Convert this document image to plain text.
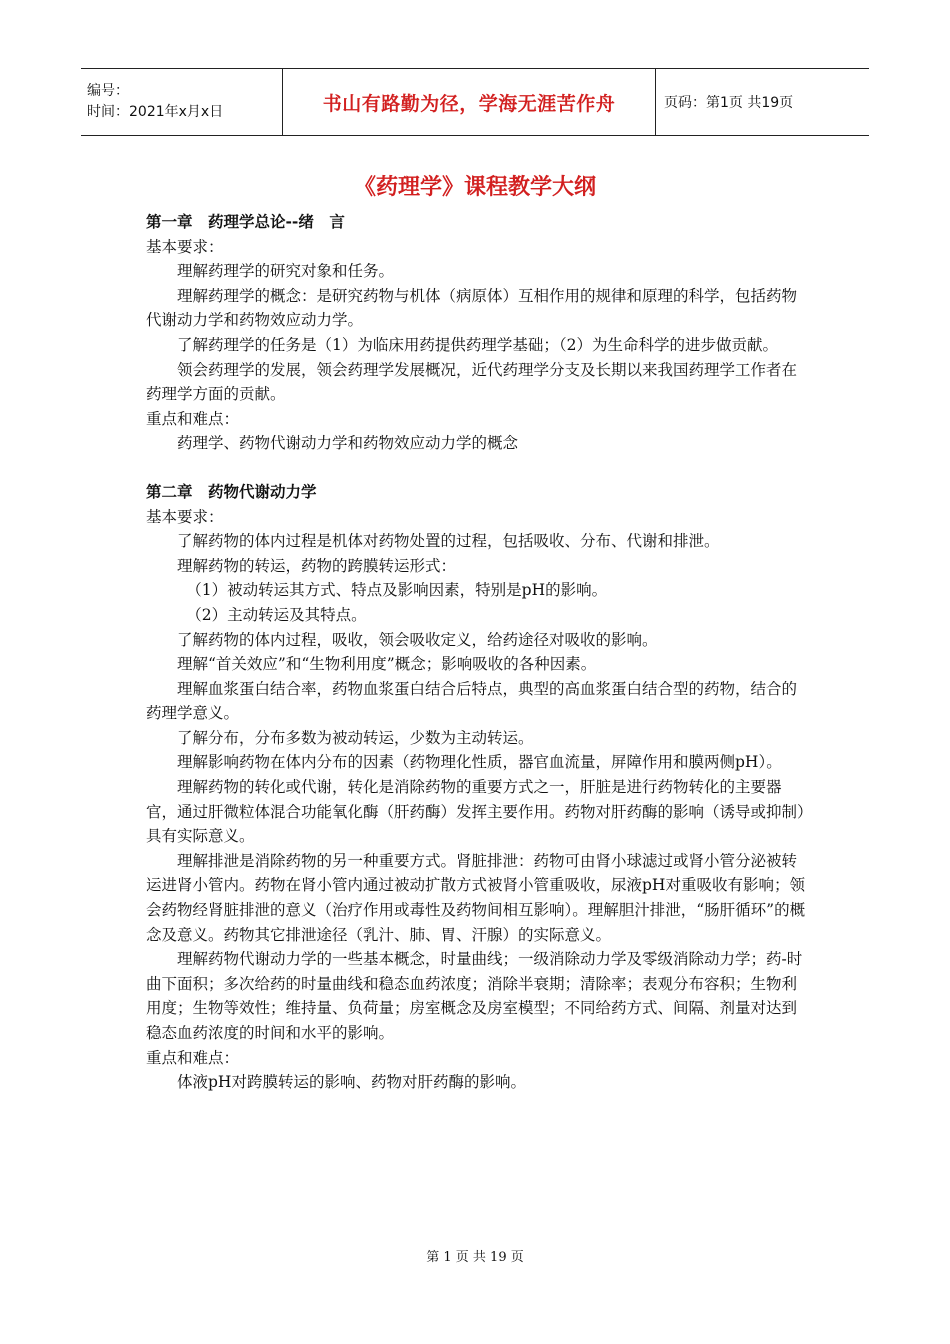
编号：
时间：2021年x月x日	书山有路勤为径，学海无涯苦作舟	页码：第1页 共19页
《药理学》课程教学大纲
第一章　药理学总论--绪　言
基本要求：
理解药理学的研究对象和任务。
理解药理学的概念：是研究药物与机体（病原体）互相作用的规律和原理的科学，包括药物代谢动力学和药物效应动力学。
了解药理学的任务是（1）为临床用药提供药理学基础；（2）为生命科学的进步做贡献。
领会药理学的发展，领会药理学发展概况，近代药理学分支及长期以来我国药理学工作者在药理学方面的贡献。
重点和难点：
药理学、药物代谢动力学和药物效应动力学的概念
第二章　药物代谢动力学
基本要求：
了解药物的体内过程是机体对药物处置的过程，包括吸收、分布、代谢和排泄。
理解药物的转运，药物的跨膜转运形式：
（1）被动转运其方式、特点及影响因素，特别是pH的影响。
（2）主动转运及其特点。
了解药物的体内过程，吸收，领会吸收定义，给药途径对吸收的影响。
理解“首关效应”和“生物利用度”概念；影响吸收的各种因素。
理解血浆蛋白结合率，药物血浆蛋白结合后特点，典型的高血浆蛋白结合型的药物，结合的药理学意义。
了解分布，分布多数为被动转运，少数为主动转运。
理解影响药物在体内分布的因素（药物理化性质，器官血流量，屏障作用和膜两侧pH）。
理解药物的转化或代谢，转化是消除药物的重要方式之一，肝脏是进行药物转化的主要器官，通过肝微粒体混合功能氧化酶（肝药酶）发挥主要作用。药物对肝药酶的影响（诱导或抑制）具有实际意义。
理解排泄是消除药物的另一种重要方式。肾脏排泄：药物可由肾小球滤过或肾小管分泌被转运进肾小管内。药物在肾小管内通过被动扩散方式被肾小管重吸收，尿液pH对重吸收有影响；领会药物经肾脏排泄的意义（治疗作用或毒性及药物间相互影响）。理解胆汁排泄，“肠肝循环”的概念及意义。药物其它排泄途径（乳汁、肺、胃、汗腺）的实际意义。
理解药物代谢动力学的一些基本概念，时量曲线；一级消除动力学及零级消除动力学；药-时曲下面积；多次给药的时量曲线和稳态血药浓度；消除半衰期；清除率；表观分布容积；生物利用度；生物等效性；维持量、负荷量；房室概念及房室模型；不同给药方式、间隔、剂量对达到稳态血药浓度的时间和水平的影响。
重点和难点：
体液pH对跨膜转运的影响、药物对肝药酶的影响。
第 1 页 共 19 页
